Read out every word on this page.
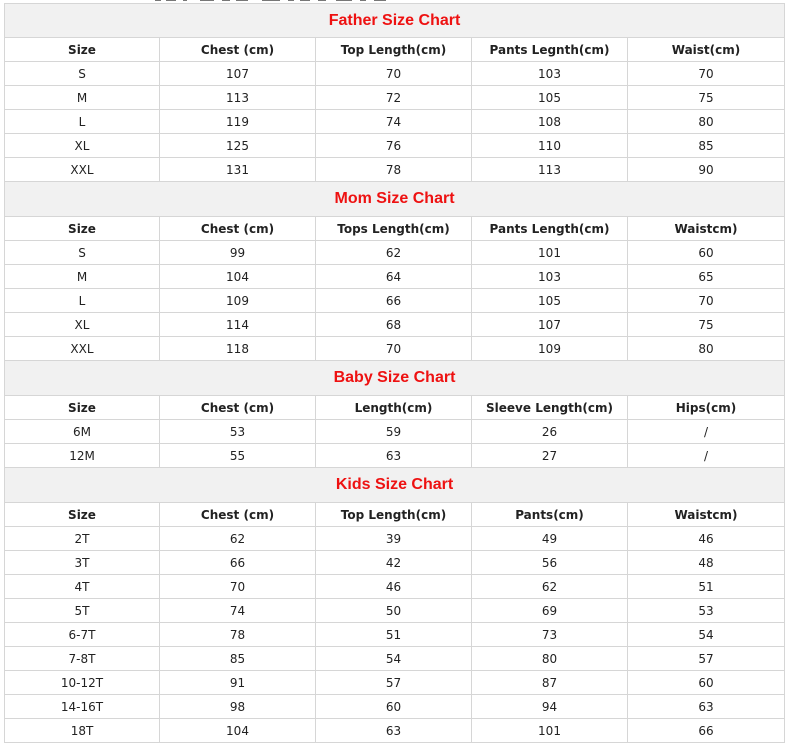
Father Size Chart				
Size	Chest (cm)	Top Length(cm)	Pants Legnth(cm)	Waist(cm)
S	107	70	103	70
M	113	72	105	75
L	119	74	108	80
XL	125	76	110	85
XXL	131	78	113	90
Mom Size Chart				
Size	Chest (cm)	Tops Length(cm)	Pants Length(cm)	Waistcm)
S	99	62	101	60
M	104	64	103	65
L	109	66	105	70
XL	114	68	107	75
XXL	118	70	109	80
Baby Size Chart				
Size	Chest (cm)	Length(cm)	Sleeve Length(cm)	Hips(cm)
6M	53	59	26	/
12M	55	63	27	/
Kids Size Chart				
Size	Chest (cm)	Top Length(cm)	Pants(cm)	Waistcm)
2T	62	39	49	46
3T	66	42	56	48
4T	70	46	62	51
5T	74	50	69	53
6-7T	78	51	73	54
7-8T	85	54	80	57
10-12T	91	57	87	60
14-16T	98	60	94	63
18T	104	63	101	66
